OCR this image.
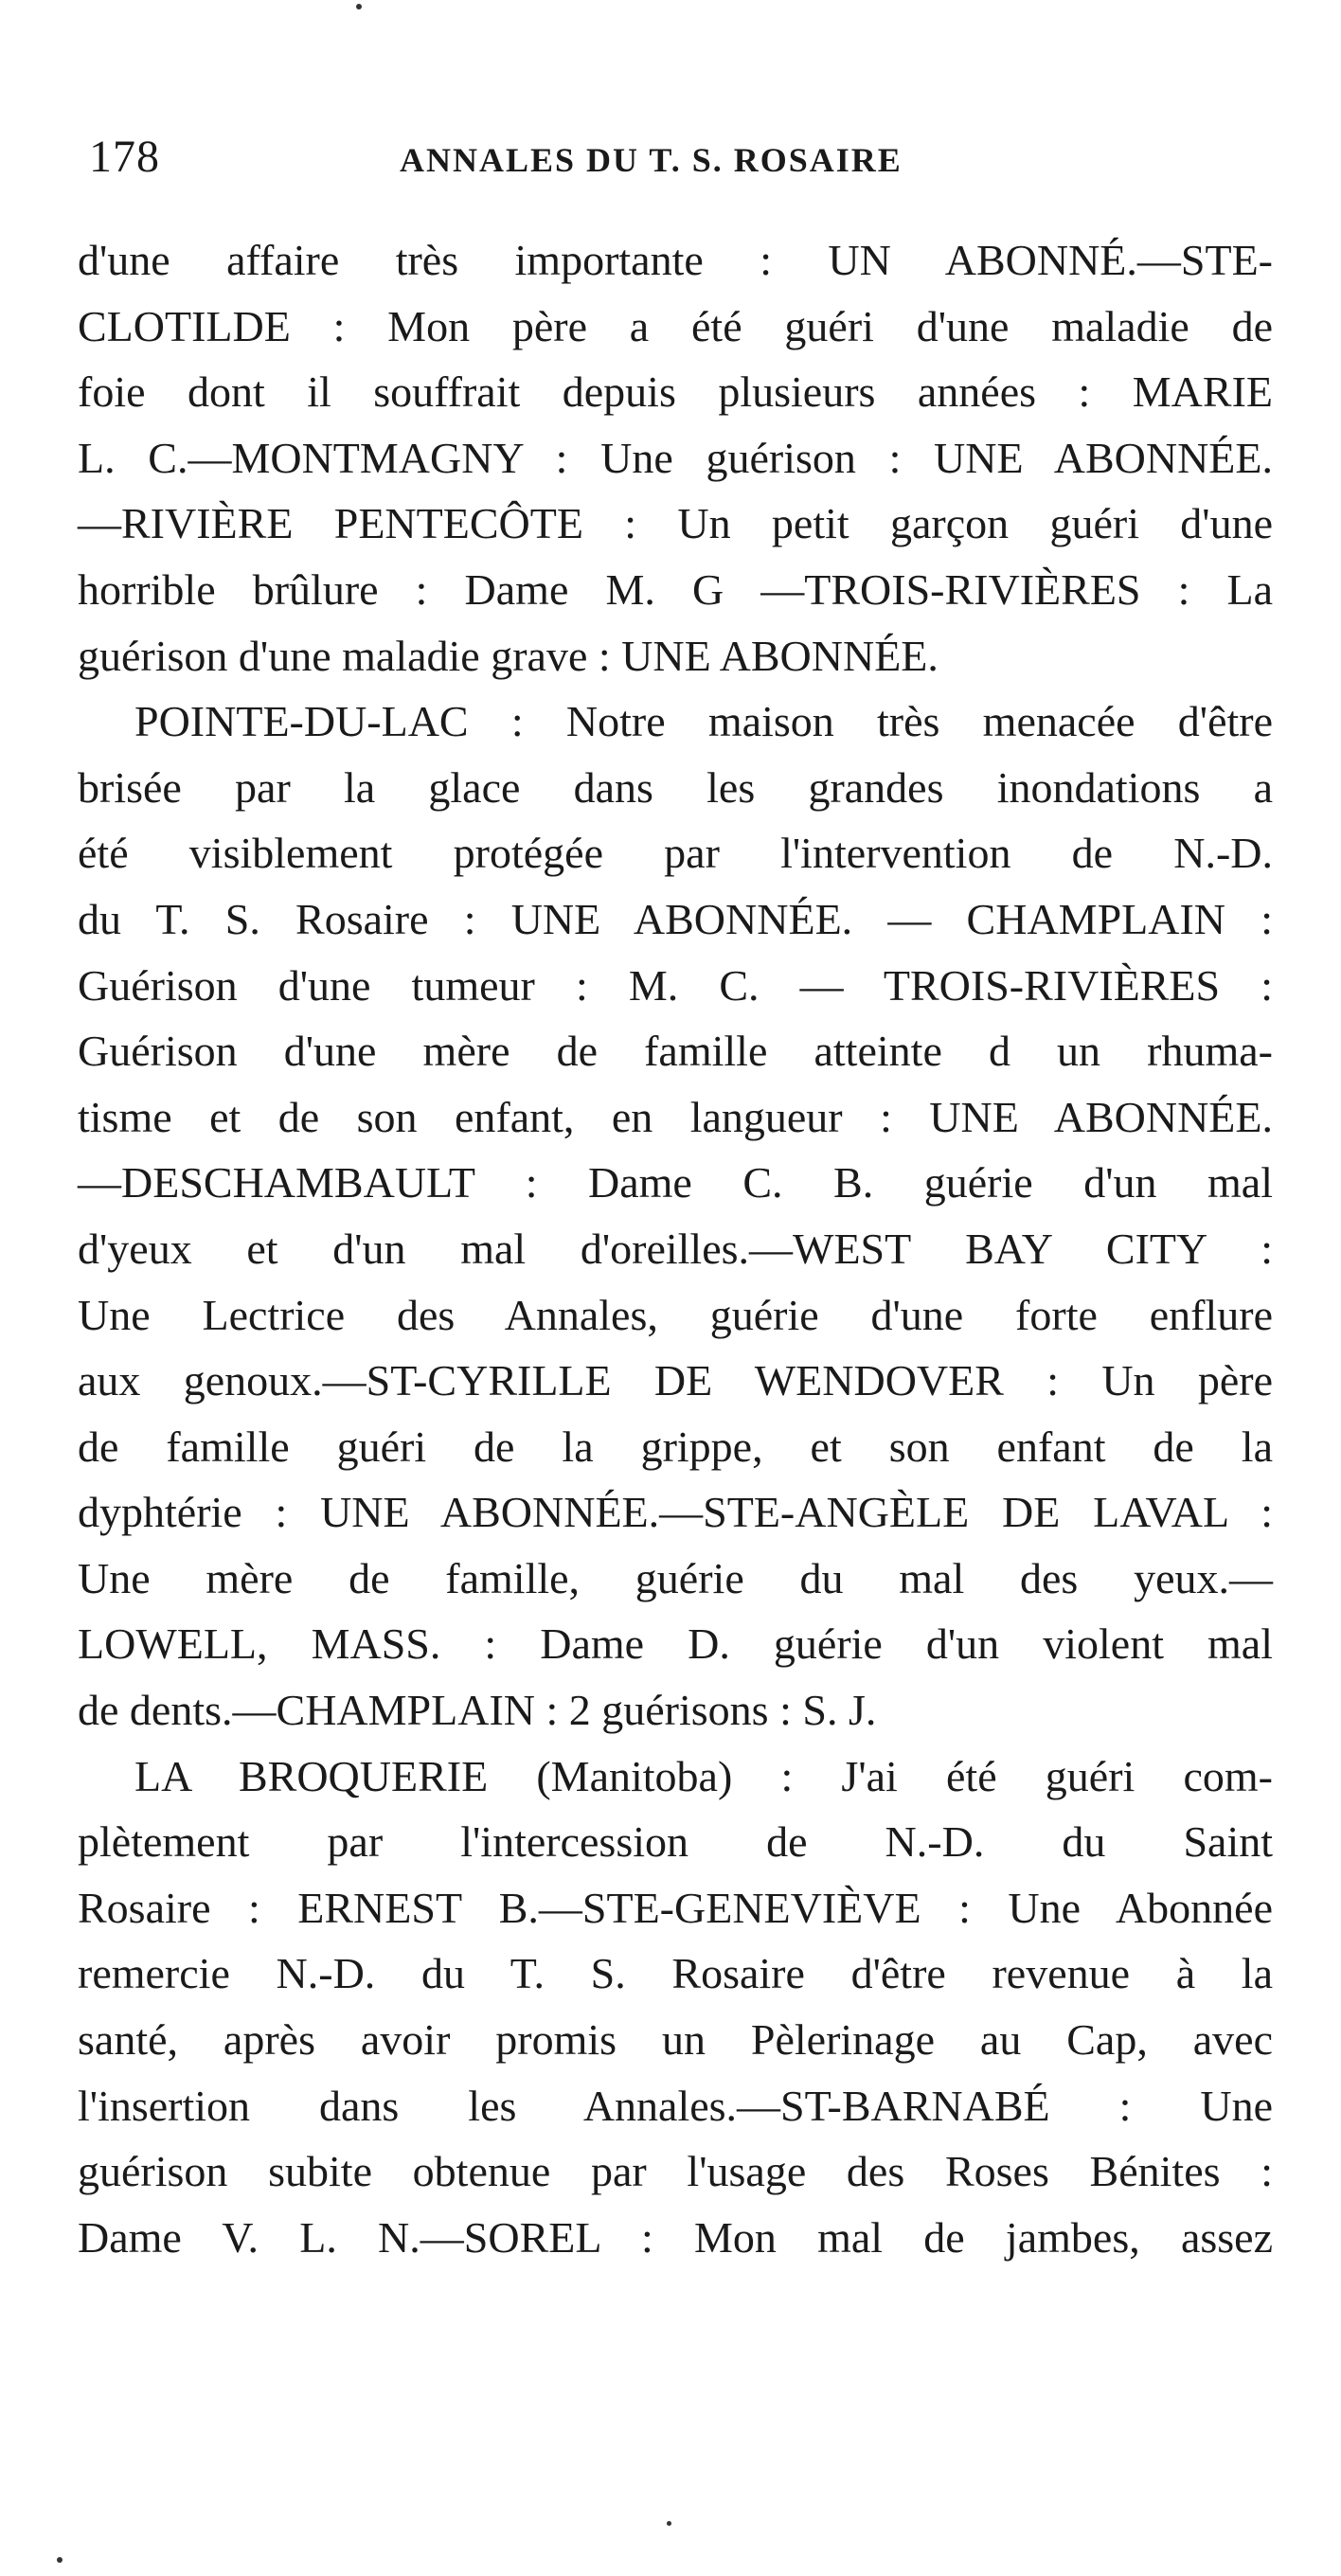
178	ANNALES DU T. S. ROSAIRE
d'une affaire très importante : UN ABONNÉ.—STE-
CLOTILDE : Mon père a été guéri d'une maladie de
foie dont il souffrait depuis plusieurs années : MARIE
L. C.—MONTMAGNY : Une guérison : UNE ABONNÉE.
—RIVIÈRE PENTECÔTE : Un petit garçon guéri d'une
horrible brûlure : Dame M. G —TROIS-RIVIÈRES : La
guérison d'une maladie grave : UNE ABONNÉE.
POINTE-DU-LAC : Notre maison très menacée d'être
brisée par la glace dans les grandes inondations a
été visiblement protégée par l'intervention de N.-D.
du T. S. Rosaire : UNE ABONNÉE. — CHAMPLAIN :
Guérison d'une tumeur : M. C. — TROIS-RIVIÈRES :
Guérison d'une mère de famille atteinte d un rhuma-
tisme et de son enfant, en langueur : UNE ABONNÉE.
—DESCHAMBAULT : Dame C. B. guérie d'un mal
d'yeux et d'un mal d'oreilles.—WEST BAY CITY :
Une Lectrice des Annales, guérie d'une forte enflure
aux genoux.—ST-CYRILLE DE WENDOVER : Un père
de famille guéri de la grippe, et son enfant de la
dyphtérie : UNE ABONNÉE.—STE-ANGÈLE DE LAVAL :
Une mère de famille, guérie du mal des yeux.—
LOWELL, MASS. : Dame D. guérie d'un violent mal
de dents.—CHAMPLAIN : 2 guérisons : S. J.
LA BROQUERIE (Manitoba) : J'ai été guéri com-
plètement par l'intercession de N.-D. du Saint
Rosaire : ERNEST B.—STE-GENEVIÈVE : Une Abonnée
remercie N.-D. du T. S. Rosaire d'être revenue à la
santé, après avoir promis un Pèlerinage au Cap, avec
l'insertion dans les Annales.—ST-BARNABÉ : Une
guérison subite obtenue par l'usage des Roses Bénites :
Dame V. L. N.—SOREL : Mon mal de jambes, assez
